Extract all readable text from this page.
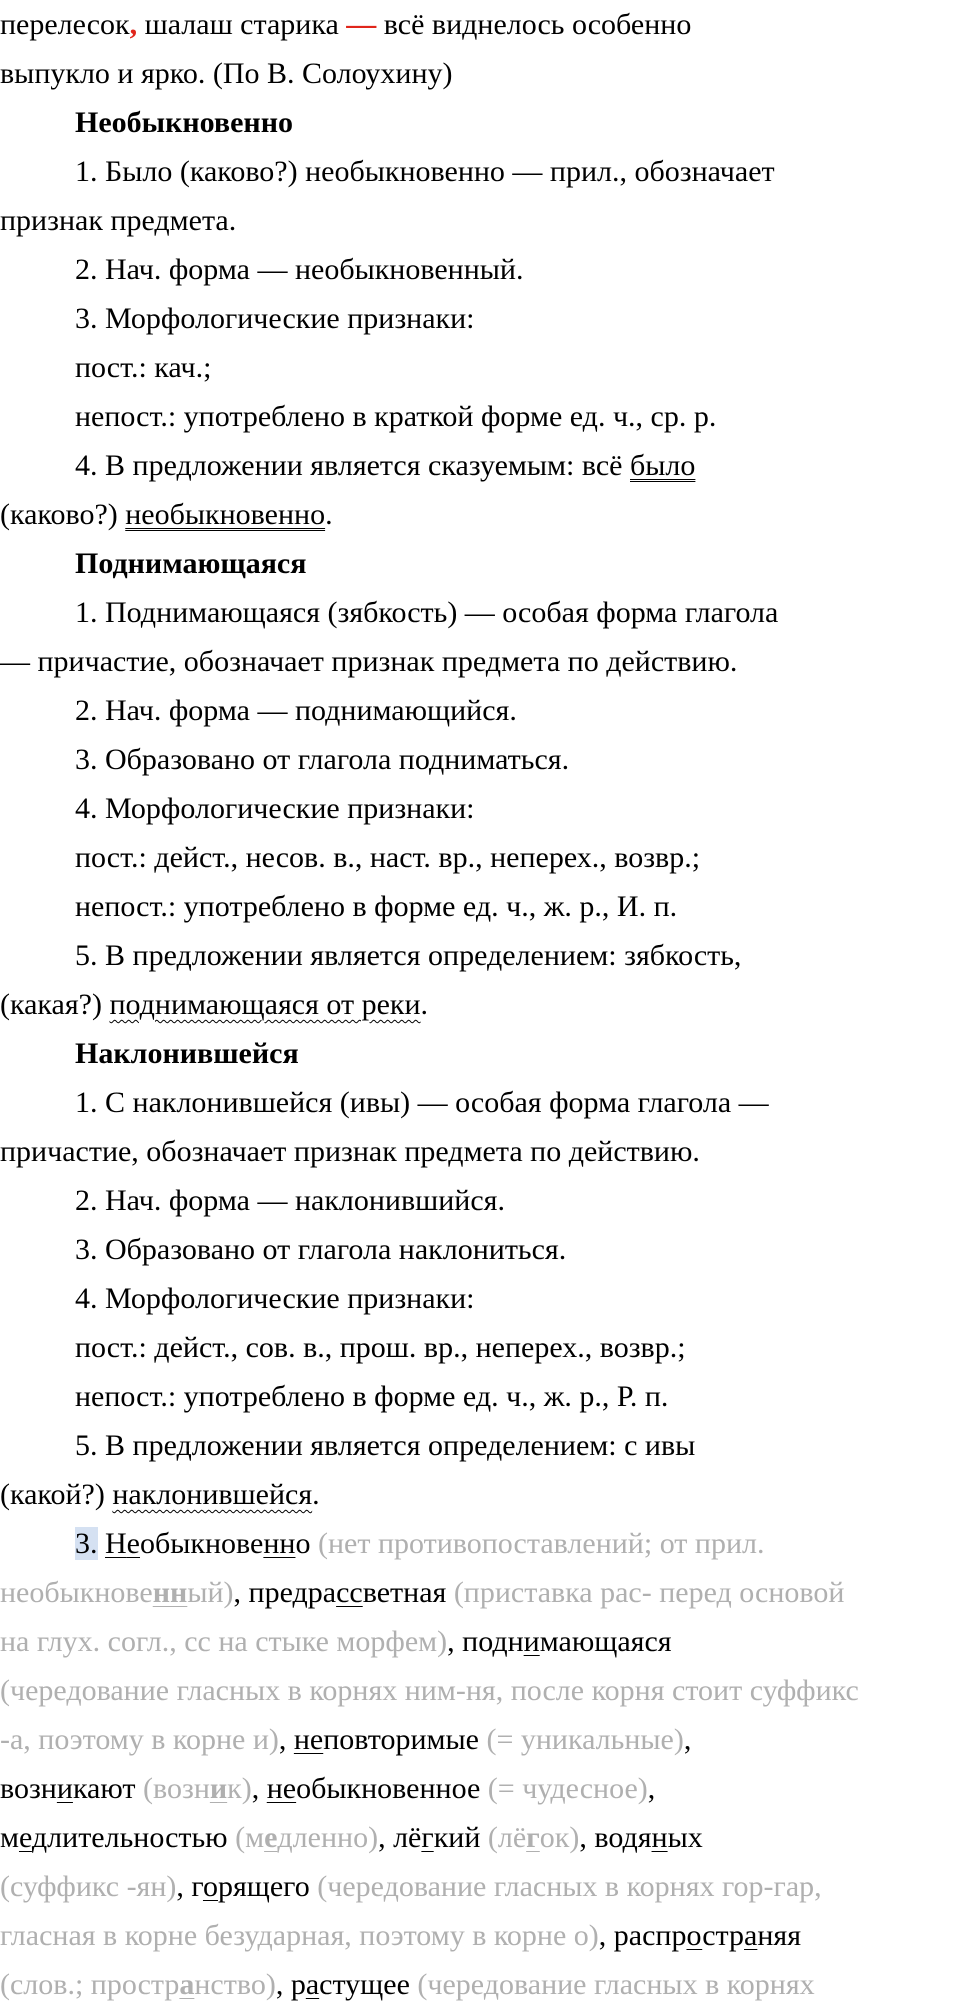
перелесок, шалаш старика — всё виднелось особенно
выпукло и ярко. (По В. Солоухину)
Необыкновенно
1. Было (каково?) необыкновенно — прил., обозначает
признак предмета.
2. Нач. форма — необыкновенный.
3. Морфологические признаки:
пост.: кач.;
непост.: употреблено в краткой форме ед. ч., ср. р.
4. В предложении является сказуемым: всё было
(каково?) необыкновенно.
Поднимающаяся
1. Поднимающаяся (зябкость) — особая форма глагола
— причастие, обозначает признак предмета по действию.
2. Нач. форма — поднимающийся.
3. Образовано от глагола подниматься.
4. Морфологические признаки:
пост.: дейст., несов. в., наст. вр., неперех., возвр.;
непост.: употреблено в форме ед. ч., ж. р., И. п.
5. В предложении является определением: зябкость,
(какая?) поднимающаяся от реки.
Наклонившейся
1. С наклонившейся (ивы) — особая форма глагола —
причастие, обозначает признак предмета по действию.
2. Нач. форма — наклонившийся.
3. Образовано от глагола наклониться.
4. Морфологические признаки:
пост.: дейст., сов. в., прош. вр., неперех., возвр.;
непост.: употреблено в форме ед. ч., ж. р., Р. п.
5. В предложении является определением: с ивы
(какой?) наклонившейся.
3. Необыкновенно (нет противопоставлений; от прил.
необыкновенный), предрассветная (приставка рас- перед основой
на глух. согл., сс на стыке морфем), поднимающаяся
(чередование гласных в корнях ним-ня, после корня стоит суффикс
-а, поэтому в корне и), неповторимые (= уникальные),
возникают (возник), необыкновенное (= чудесное),
медлительностью (медленно), лёгкий (лёгок), водяных
(суффикс -ян), горящего (чередование гласных в корнях гор-гар,
гласная в корне безударная, поэтому в корне о), распространяя
(слов.; пространство), растущее (чередование гласных в корнях
